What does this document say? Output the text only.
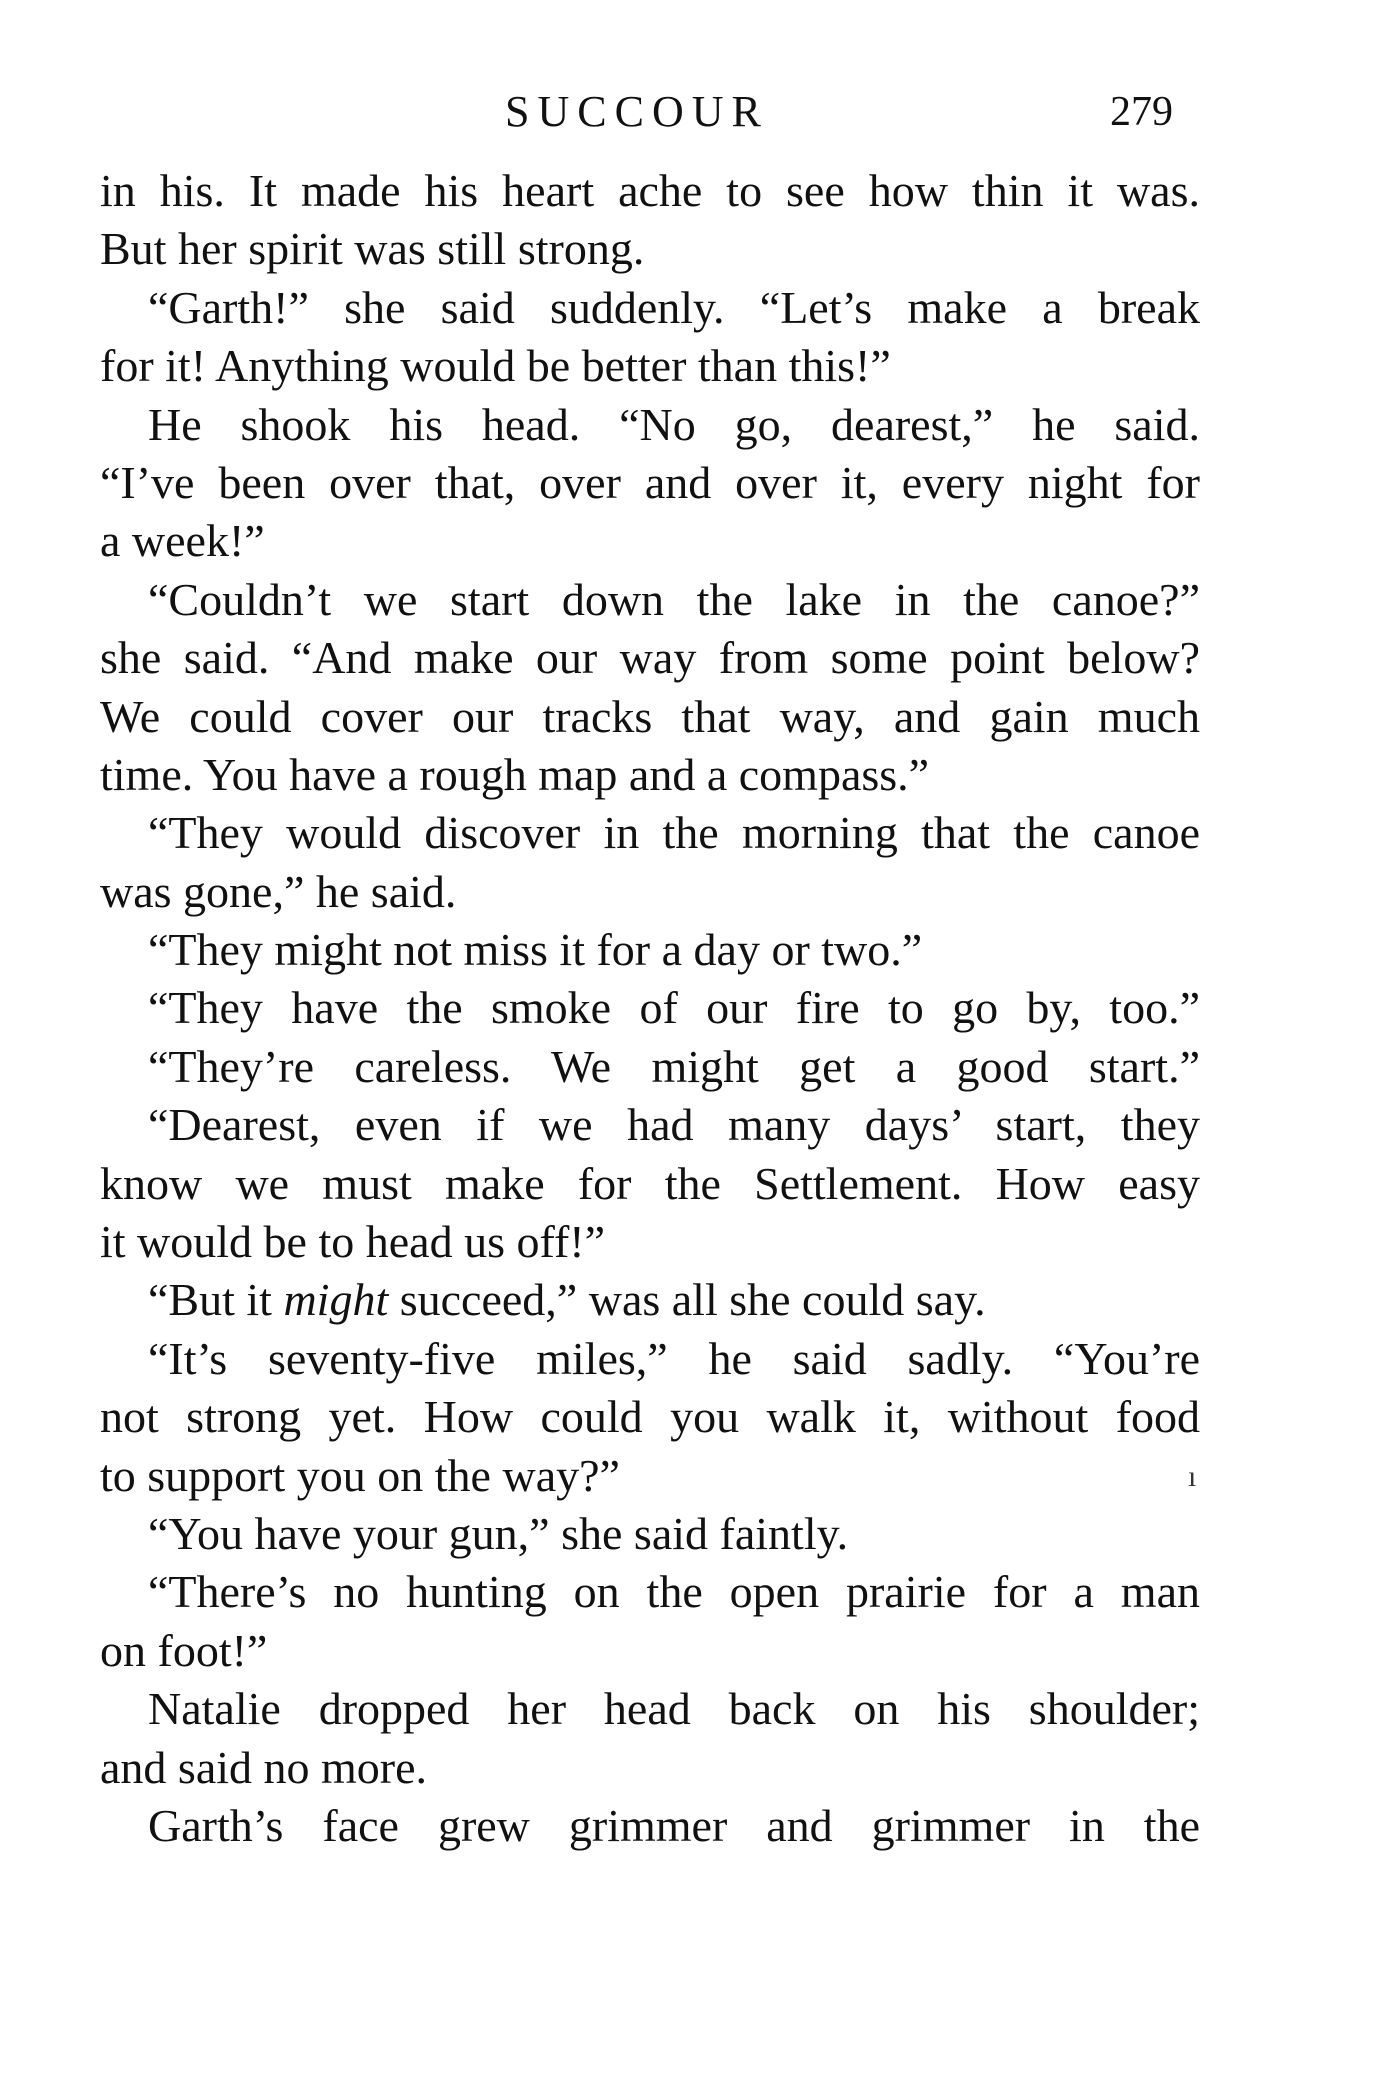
SUCCOUR	279
in his. It made his heart ache to see how thin it was.
But her spirit was still strong.
“Garth!” she said suddenly. “Let’s make a break
for it! Anything would be better than this!”
He shook his head. “No go, dearest,” he said.
“I’ve been over that, over and over it, every night for
a week!”
“Couldn’t we start down the lake in the canoe?”
she said. “And make our way from some point below?
We could cover our tracks that way, and gain much
time. You have a rough map and a compass.”
“They would discover in the morning that the canoe
was gone,” he said.
“They might not miss it for a day or two.”
“They have the smoke of our fire to go by, too.”
“They’re careless. We might get a good start.”
“Dearest, even if we had many days’ start, they
know we must make for the Settlement. How easy
it would be to head us off!”
“But it might succeed,” was all she could say.
“It’s seventy-five miles,” he said sadly. “You’re
not strong yet. How could you walk it, without food
to support you on the way?”
“You have your gun,” she said faintly.
“There’s no hunting on the open prairie for a man
on foot!”
Natalie dropped her head back on his shoulder;
and said no more.
Garth’s face grew grimmer and grimmer in the
ı
